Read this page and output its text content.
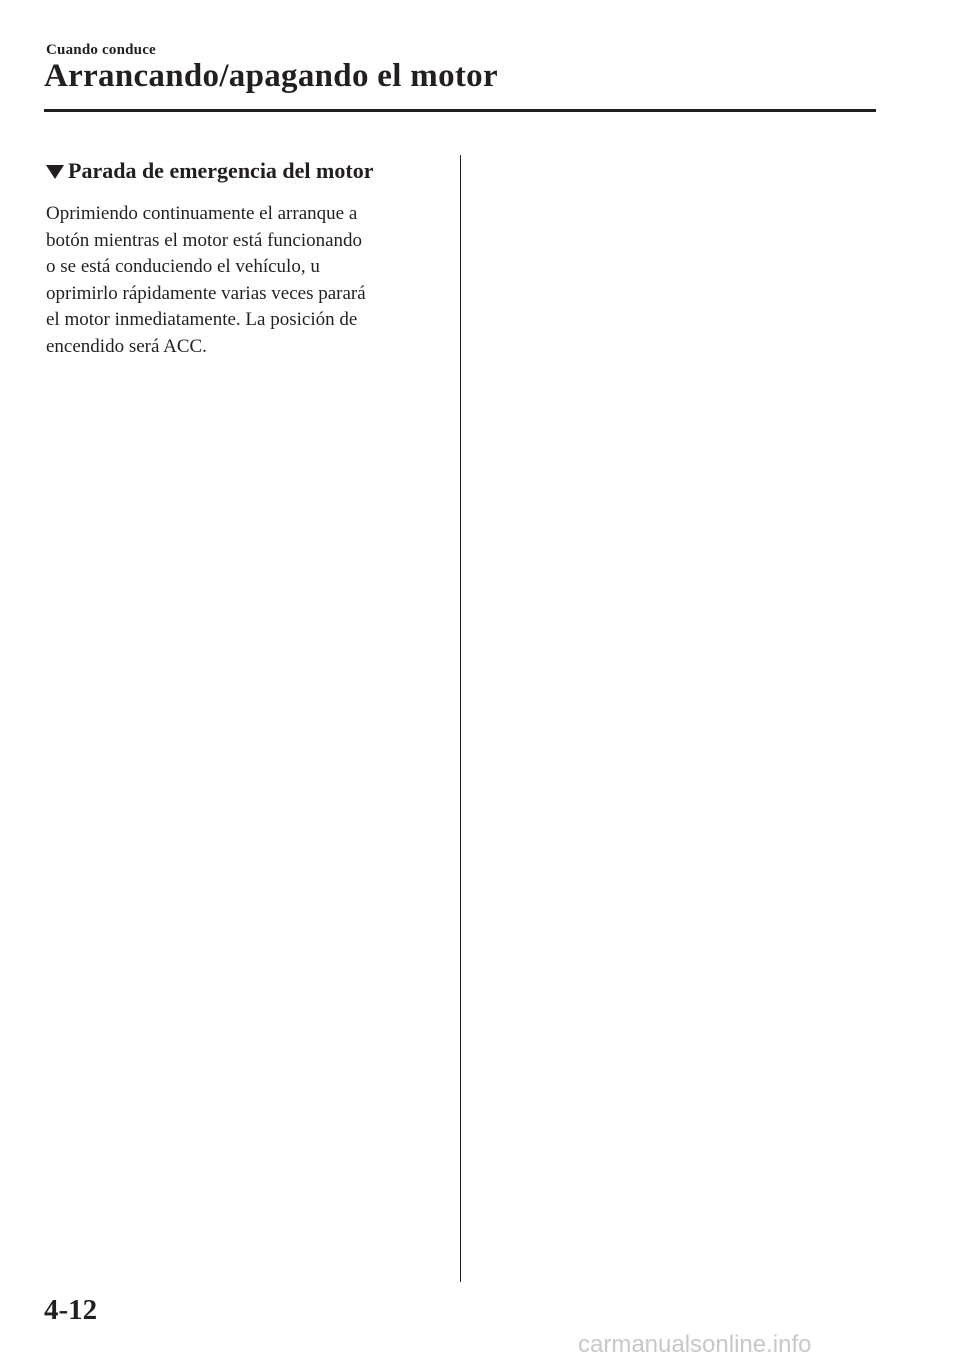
Cuando conduce
Arrancando/apagando el motor
Parada de emergencia del motor
Oprimiendo continuamente el arranque a
botón mientras el motor está funcionando
o se está conduciendo el vehículo, u
oprimirlo rápidamente varias veces parará
el motor inmediatamente. La posición de
encendido será ACC.
4-12
carmanualsonline.info
